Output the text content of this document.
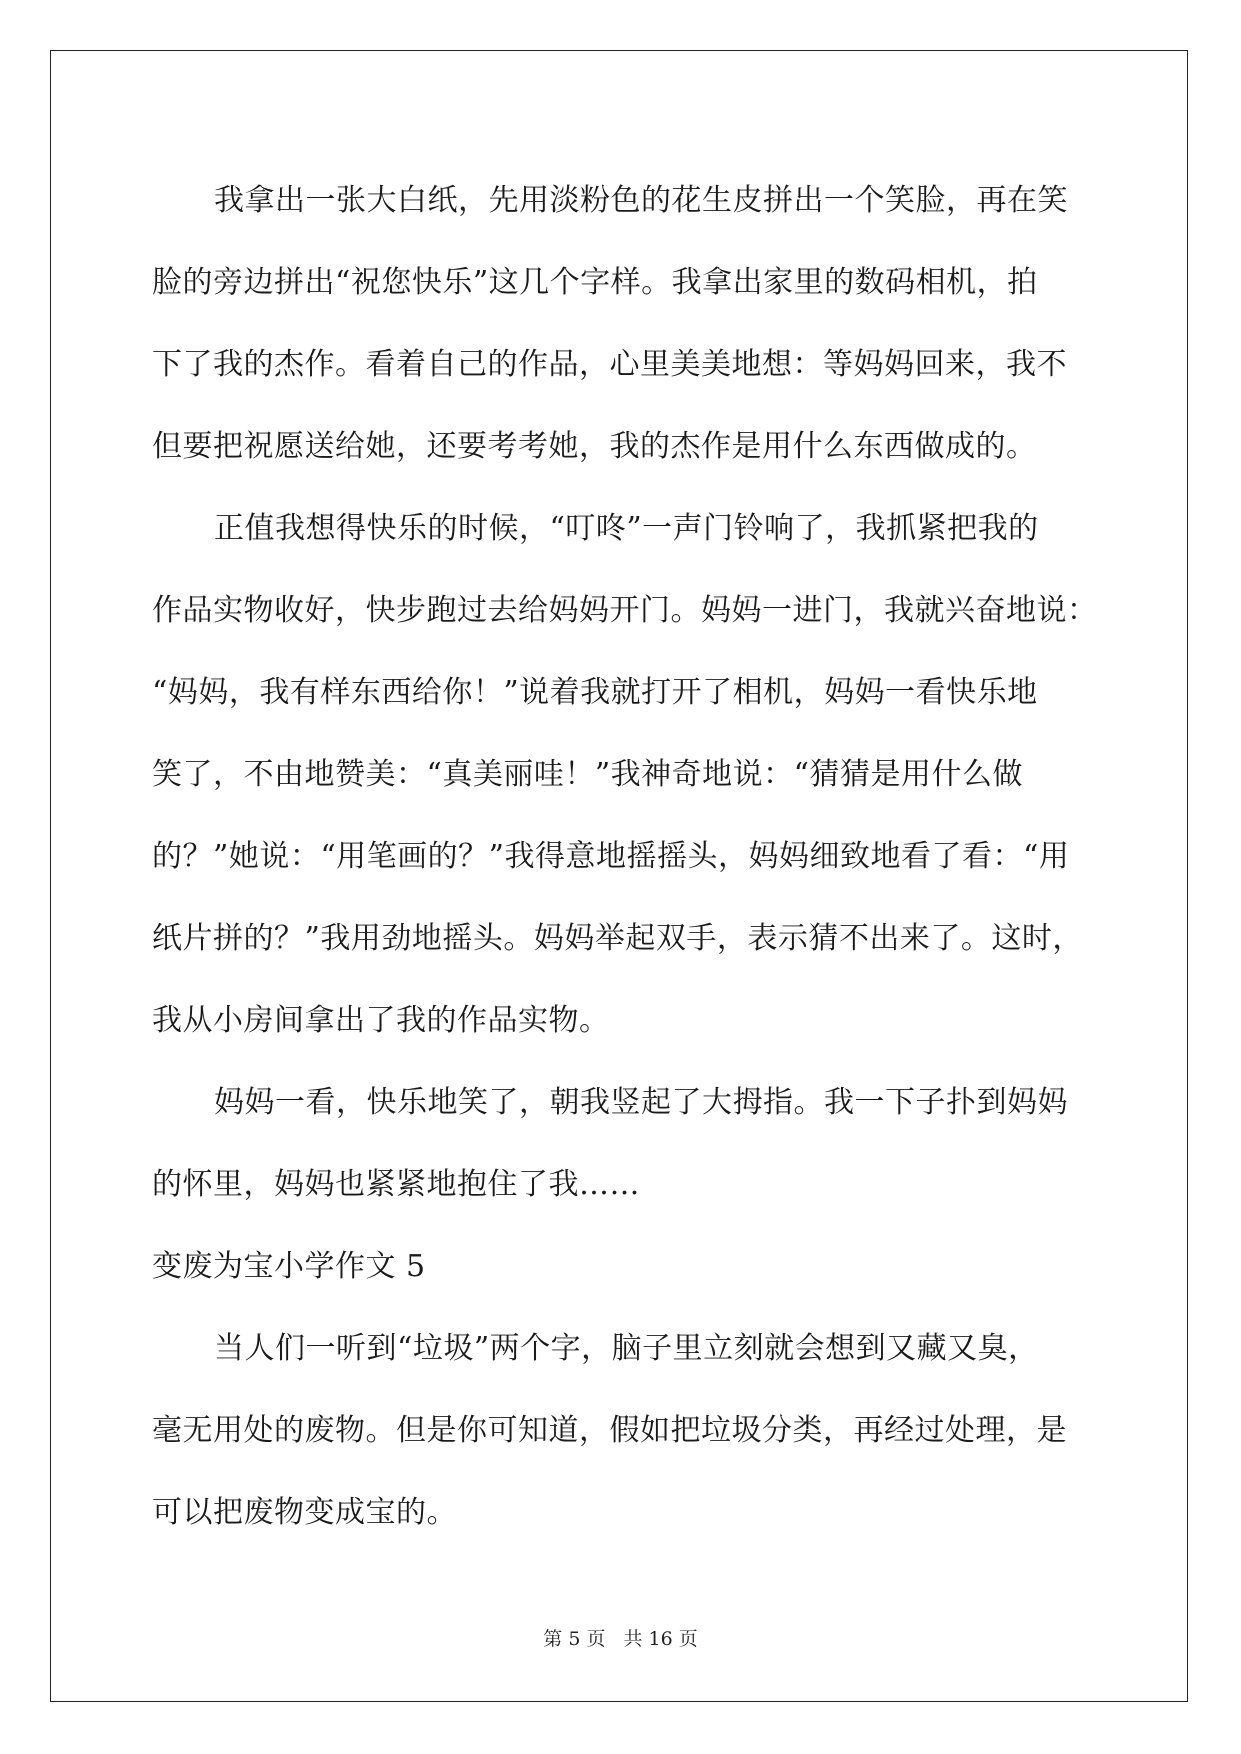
我拿出一张大白纸，先用淡粉色的花生皮拼出一个笑脸，再在笑
脸的旁边拼出“祝您快乐”这几个字样。我拿出家里的数码相机，拍
下了我的杰作。看着自己的作品，心里美美地想：等妈妈回来，我不
但要把祝愿送给她，还要考考她，我的杰作是用什么东西做成的。
正值我想得快乐的时候，“叮咚”一声门铃响了，我抓紧把我的
作品实物收好，快步跑过去给妈妈开门。妈妈一进门，我就兴奋地说：
“妈妈，我有样东西给你！”说着我就打开了相机，妈妈一看快乐地
笑了，不由地赞美：“真美丽哇！”我神奇地说：“猜猜是用什么做
的？”她说：“用笔画的？”我得意地摇摇头，妈妈细致地看了看：“用
纸片拼的？”我用劲地摇头。妈妈举起双手，表示猜不出来了。这时，
我从小房间拿出了我的作品实物。
妈妈一看，快乐地笑了，朝我竖起了大拇指。我一下子扑到妈妈
的怀里，妈妈也紧紧地抱住了我……
变废为宝小学作文 5
当人们一听到“垃圾”两个字，脑子里立刻就会想到又藏又臭，
毫无用处的废物。但是你可知道，假如把垃圾分类，再经过处理，是
可以把废物变成宝的。
第 5 页 共 16 页
